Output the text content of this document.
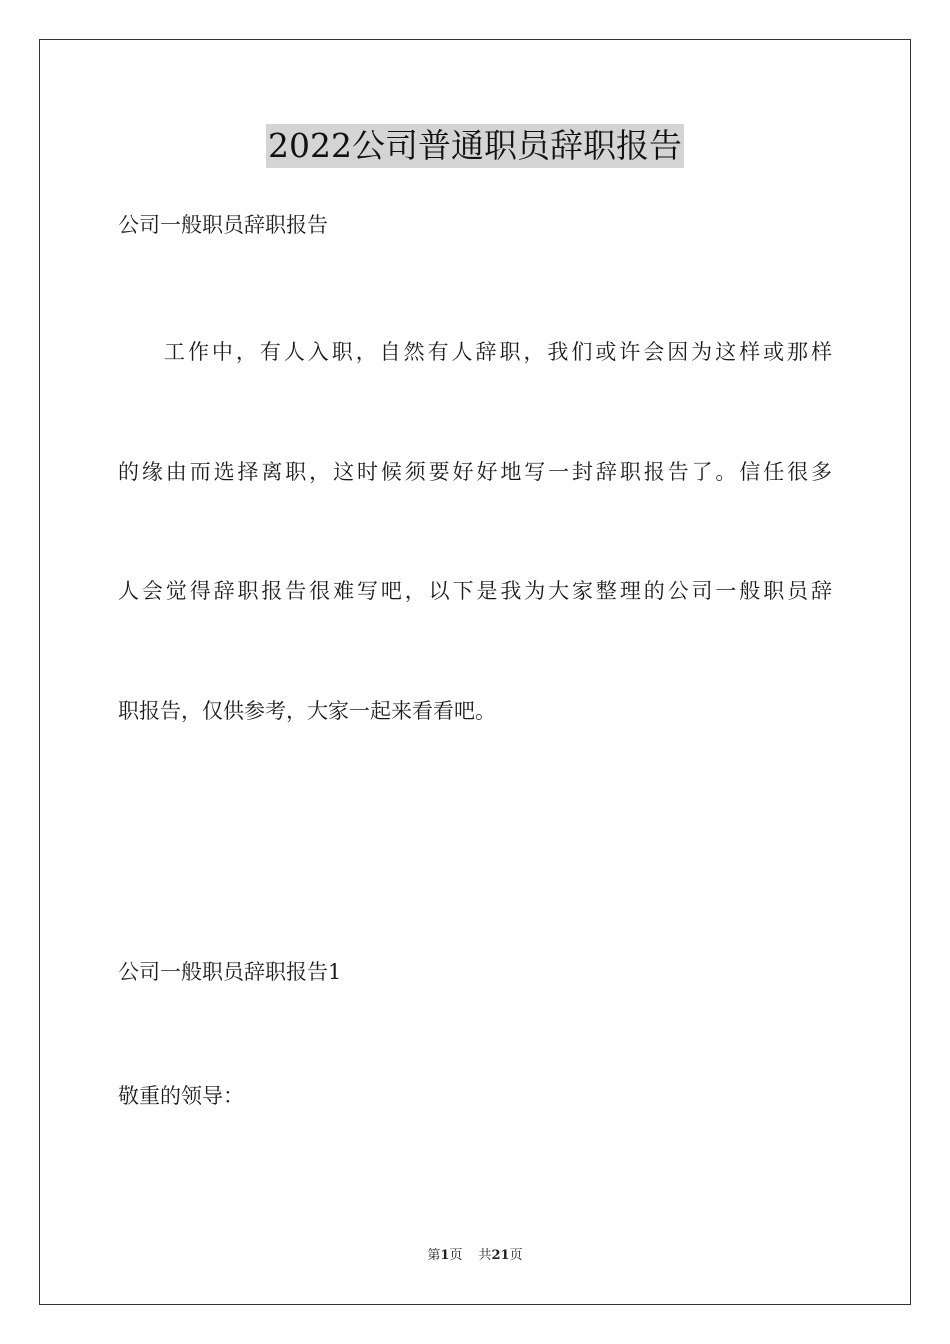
2022公司普通职员辞职报告
公司一般职员辞职报告
工作中，有人入职，自然有人辞职，我们或许会因为这样或那样
的缘由而选择离职，这时候须要好好地写一封辞职报告了。信任很多
人会觉得辞职报告很难写吧，以下是我为大家整理的公司一般职员辞
职报告，仅供参考，大家一起来看看吧。
公司一般职员辞职报告1
敬重的领导：
第1页 共21页
